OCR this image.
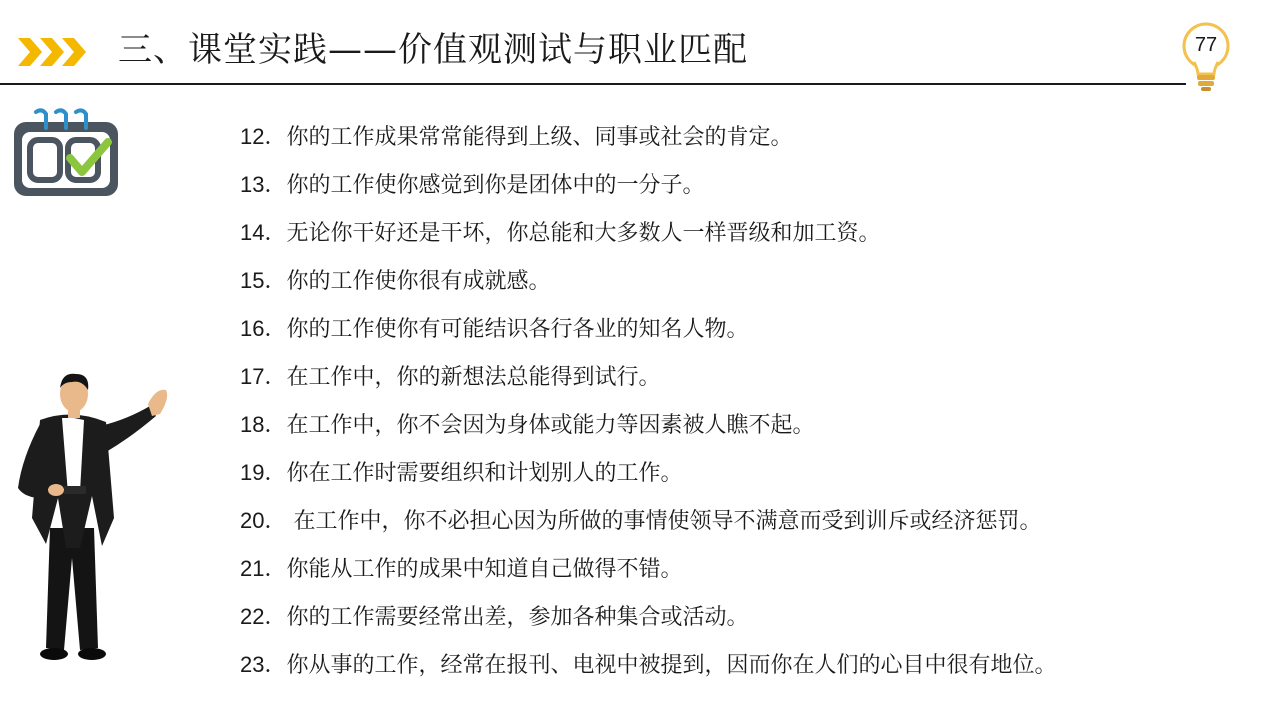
三、课堂实践——价值观测试与职业匹配	77
12．你的工作成果常常能得到上级、同事或社会的肯定。
13．你的工作使你感觉到你是团体中的一分子。
14．无论你干好还是干坏，你总能和大多数人一样晋级和加工资。
15．你的工作使你很有成就感。
16．你的工作使你有可能结识各行各业的知名人物。
17．在工作中，你的新想法总能得到试行。
18．在工作中，你不会因为身体或能力等因素被人瞧不起。
19．你在工作时需要组织和计划别人的工作。
20． 在工作中，你不必担心因为所做的事情使领导不满意而受到训斥或经济惩罚。
21．你能从工作的成果中知道自己做得不错。
22．你的工作需要经常出差，参加各种集合或活动。
23．你从事的工作，经常在报刊、电视中被提到，因而你在人们的心目中很有地位。
